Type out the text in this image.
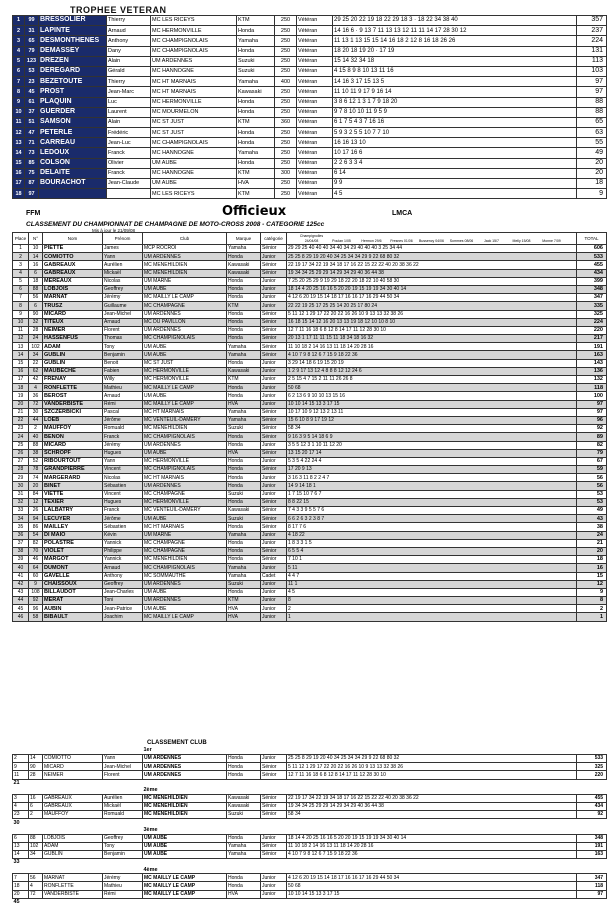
TROPHEE VETERAN
1	99	BRESSOLIER	Thierry	MC LES RICEYS	KTM	250	Vétéran	29 25 20 22 19 18 22 29 18 3 · 18 22 34 38 40	357
2	31	LAPINTE	Arnaud	MC HERMONVILLE	Honda	250	Vétéran	14 16 6 · 9 13 7 11 13 13 12 11 11 14 17 28 30 12	237
3	65	DESMONTHENES	Anthony	MC CHAMPIGNOLAIS	Yamaha	250	Vétéran	11 13 1 13 15 15 14 16 18 2 12 8 16 18 26 26	224
4	79	DEMASSEY	Dany	MC CHAMPIGNOLAIS	Honda	250	Vétéran	18 20 18 19 20 · 17 19	131
5	123	DREZEN	Alain	UM ARDENNES	Suzuki	250	Vétéran	15 14 32 34 18	113
6	53	DEREGARD	Gérald	MC HANNOGNE	Suzuki	250	Vétéran	4 15 8 9 8 10 13 11 16	103
7	23	BEZETOUTE	Thierry	MC HT MARNAIS	Yamaha	400	Vétéran	14 16 3 17 15 13 5	97
8	45	PROST	Jean-Marc	MC HT MARNAIS	Kawasaki	250	Vétéran	11 10 11 9 17 9 16 14	97
9	61	PLAQUIN	Luc	MC HERMONVILLE	Honda	250	Vétéran	3 8 6 12 1 3 1 7 9 18 20	88
10	37	GUERDER	Laurent	MC MOURMELON	Honda	250	Vétéran	9 7 8 10 10 11 9 5 9	88
11	51	SAMSON	Alain	MC ST JUST	KTM	360	Vétéran	6 1 7 5 4 3 7 16 16	65
12	47	PETERLE	Frédéric	MC ST JUST	Honda	250	Vétéran	5 9 3 2 5 5 10 7 7 10	63
13	71	CARREAU	Jean-Luc	MC CHAMPIGNOLAIS	Honda	250	Vétéran	16 16 13 10	55
14	73	LEDOUX	Franck	MC HANNOGNE	Yamaha	250	Vétéran	10 17 16 6	49
15	85	COLSON	Olivier	UM AUBE	Honda	250	Vétéran	2 2 6 3 3 4	20
16	75	DELAITE	Franck	MC HANNOGNE	KTM	300	Vétéran	6 14	20
17	87	BOURACHOT	Jean-Claude	UM AUBE	HVA	250	Vétéran	9 9	18
18	97			MC LES RICEYS	KTM	250	Vétéran	4 5	9
FFM	Officieux	LMCA
CLASSEMENT DU CHAMPIONNAT DE CHAMPAGNE DE MOTO-CROSS 2008 - CATEGORIE 125cc
Mis à jour le 21/09/08
Place	N°	Nom	Prénom	Club	Marque	catégorie	Champignolles 24/04/08 Poulan 1/05 Hermon 29/6 Fresnes 01/06 Bussency 04/06 Sommes 08/06 Jack 15/7 Melly 15/08 Monne 7/09	TOTAL
1	10	PIETTE	James	MCP ROCROI	Yamaha	Sénior	29 29 25 40 40 40 34 40 34 29 40 40 40 3 25 34 44	606
2	14	COMIOTTO	Yann	UM ARDENNES	Honda	Junior	25 25 8 29 19 20 40 34 25 34 34 29 9 22 68 80 32	533
3	16	GABREAUX	Aurélien	MC MENEHILDIEN	Kawasaki	Sénior	22 19 17 34 22 19 34 18 17 16 22 15 22 22 40 20 38 36 22	455
4	6	GABREAUX	Mickaël	MC MENEHILDIEN	Kawasaki	Sénior	19 34 34 25 29 29 14 29 34 29 40 36 44 38	434
5	18	MEREAUX	Nicolas	UM MARNE	Honda	Junior	7 25 20 25 29 9 19 29 18 22 20 18 22 10 40 58 30	399
6	88	LOBJOIS	Geoffrey	UM AUBE	Honda	Junior	18 14 4 20 25 16 16 5 20 20 19 15 19 19 34 30 40 14	348
7	56	MARNAT	Jérémy	MC MAILLY LE CAMP	Honda	Junior	4 12 6 20 19 15 14 18 17 16 16 17 16 29 44 50 34	347
8	6	TRUSZ	Guillaume	MC CHAMPAGNE	KTM	Junior	22 22 19 25 17 25 25 14 20 25 17 80 24	335
9	90	MICARD	Jean-Michel	UM ARDENNES	Honda	Sénior	5 11 12 1 29 17 22 20 22 16 26 10 9 13 13 32 38 26	325
10	32	TITEUX	Arnaud	MC DU PAVILLON	Honda	Sénior	16 18 15 14 12 16 20 13 13 19 18 12 10 10 8 10	224
11	28	NEIMER	Florent	UM ARDENNES	Honda	Sénior	12 7 11 16 18 6 8 12 8 14 17 11 12 28 30 10	220
12	24	HASSENFUS	Thomas	MC CHAMPIGNOLAIS	Honda	Sénior	20 13 1 17 11 11 15 11 18 34 18 16 32	217
13	102	ADAM	Tony	UM AUBE	Yamaha	Sénior	11 10 18 2 14 16 13 11 18 14 20 28 16	191
14	34	GUBLIN	Benjamin	UM AUBE	Yamaha	Sénior	4 10 7 9 8 12 6 7 15 9 18 22 36	163
15	22	GUBLIN	Benoit	MC ST JUST	Honda	Junior	3 29 14 18 6 19 15 20 19	143
16	62	MAUBECHE	Fabien	MC HERMONVILLE	Kawasaki	Junior	1 2 9 17 13 12 4 8 8 8 12 12 24 6	136
17	42	FRENAY	Willy	MC HERMONVILLE	KTM	Junior	2 5 15 4 7 15 2 11 11 26 26 8	132
18	4	RONFLETTE	Mathieu	MC MAILLY LE CAMP	Honda	Junior	50 68	118
19	36	BEROST	Arnaud	UM AUBE	Honda	Junior	6 2 13 6 9 10 10 13 15 16	100
20	72	VANDERBISTE	Rémi	MC MAILLY LE CAMP	HVA	Junior	10 10 14 15 13 3 17 15	97
21	30	SZCZERBICKI	Pascal	MC HT MARNAIS	Yamaha	Sénior	10 17 10 9 12 13 2 13 11	97
22	44	LOEB	Jérôme	MC VENTEUIL-DAMERY	Yamaha	Sénior	15 6 10 8 9 17 19 12	96
23	2	MAUFFOY	Romuald	MC MENEHILDIEN	Suzuki	Sénior	58 34	92
24	40	BENON	Franck	MC CHAMPIGNOLAIS	Honda	Sénior	9 16 3 9 5 14 18 6 9	89
25	88	MICARD	Jérémy	UM ARDENNES	Honda	Junior	3 5 5 12 3 1 10 11 12 20	82
26	38	SCHROPF	Hugues	UM AUBE	HVA	Sénior	13 15 20 17 14	79
27	52	RIBOURTOUT	Yann	MC HERMONVILLE	Honda	Junior	5 3 5 4 22 24 4	67
28	78	GRANDPIERRE	Vincent	MC CHAMPIGNOLAIS	Honda	Sénior	17 20 9 13	59
29	74	MARGERARD	Nicolas	MC HT MARNAIS	Honda	Junior	3 16 3 11 8 2 2 4 7	56
30	20	BINET	Sébastien	UM ARDENNES	Honda	Junior	14 9 14 18 1	56
31	84	VIETTE	Vincent	MC CHAMPAGNE	Suzuki	Junior	1 7 15 10 7 6 7	53
32	12	TEXIER	Hugues	MC HERMONVILLE	Honda	Sénior	8 8 22 15	53
33	26	LALBATRY	Franck	MC VENTEUIL-DAMERY	Kawasaki	Sénior	7 4 3 3 9 5 5 7 6	49
34	94	LECUYER	Jérôme	UM AUBE	Suzuki	Sénior	6 6 2 6 3 2 3 8 7	43
35	86	MAILLEY	Sébastien	MC HT MARNAIS	Honda	Sénior	8 17 7 6	38
36	54	DI MAIO	Kévin	UM MARNE	Yamaha	Junior	4 18 22	24
37	82	POLASTRE	Yannick	MC CHAMPAGNE	Honda	Junior	1 8 3 3 1 5	21
38	70	VIOLET	Philippe	MC CHAMPAGNE	Honda	Sénior	6 5 5 4	20
39	46	MARGOT	Yannick	MC MENEHILDIEN	Honda	Sénior	7 10 1	18
40	64	DUMONT	Arnaud	MC CHAMPIGNOLAIS	Yamaha	Junior	5 11	16
41	60	GAVELLE	Anthony	MC SOMMAUTHE	Yamaha	Cadet	4 4 7	15
42	9	CHAISSOUX	Geoffrey	UM ARDENNES	Suzuki	Junior	11 1	12
43	108	BILLAUDOT	Jean-Charles	UM AUBE	Honda	Junior	4 5	9
44	92	MERAT	Toni	UM ARDENNES	KTM	Junior	8	8
45	96	AUBIN	Jean-Patrice	UM AUBE	HVA	Junior	2	2
46	58	BIBAULT	Joachim	MC MAILLY LE CAMP	HVA	Junior	1	1
CLASSEMENT CLUB
				1er				
2	14	COMIOTTO	Yann	UM ARDENNES	Honda	Junior	25 25 8 29 19 20 40 34 25 34 34 29 9 22 68 80 32	533
9	90	MICARD	Jean-Michel	UM ARDENNES	Honda	Sénior	5 11 12 1 29 17 22 20 22 16 26 10 9 13 13 32 38 26	325
11	28	NEIMER	Florent	UM ARDENNES	Honda	Sénior	12 7 11 16 18 6 8 12 8 14 17 11 12 28 30 10	220
21								
				2ème				
3	16	GABREAUX	Aurélien	MC MENEHILDIEN	Kawasaki	Sénior	22 19 17 34 22 19 34 18 17 16 22 15 22 22 40 20 38 36 22	455
4	6	GABREAUX	Mickaël	MC MENEHILDIEN	Kawasaki	Sénior	19 34 34 25 29 29 14 29 34 29 40 36 44 38	434
23	2	MAUFFOY	Romuald	MC MENEHILDIEN	Suzuki	Sénior	58 34	92
30								
				3ème				
6	88	LOBJOIS	Geoffrey	UM AUBE	Honda	Junior	18 14 4 20 25 16 16 5 20 20 19 15 19 19 34 30 40 14	348
13	102	ADAM	Tony	UM AUBE	Yamaha	Sénior	11 10 18 2 14 16 13 11 18 14 20 28 16	191
14	34	GUBLIN	Benjamin	UM AUBE	Yamaha	Sénior	4 10 7 9 8 12 6 7 15 9 18 22 36	163
33								
				4ème				
7	56	MARNAT	Jérémy	MC MAILLY LE CAMP	Honda	Junior	4 12 6 20 19 15 14 18 17 16 16 17 16 29 44 50 34	347
18	4	RONFLETTE	Mathieu	MC MAILLY LE CAMP	Honda	Junior	50 68	118
20	72	VANDERBISTE	Rémi	MC MAILLY LE CAMP	HVA	Junior	10 10 14 15 13 3 17 15	97
45								
